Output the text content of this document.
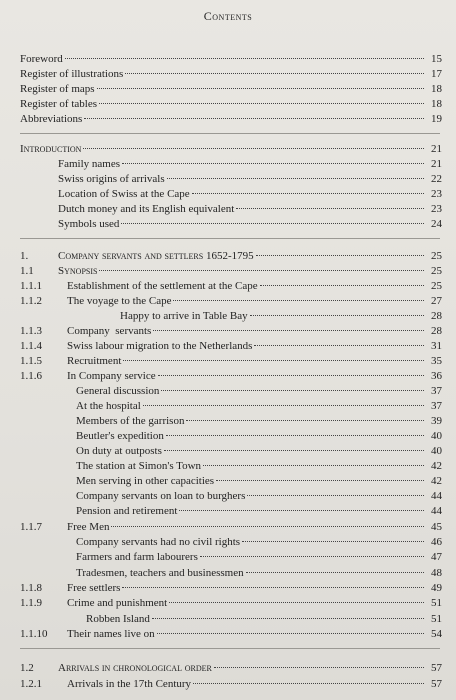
Contents
Foreword	15
Register of illustrations	17
Register of maps	18
Register of tables	18
Abbreviations	19
Introduction	21
Family names	21
Swiss origins of arrivals	22
Location of Swiss at the Cape	23
Dutch money and its English equivalent	23
Symbols used	24
1.	Company servants and settlers 1652-1795	25
1.1	Synopsis	25
1.1.1	Establishment of the settlement at the Cape	25
1.1.2	The voyage to the Cape	27
Happy to arrive in Table Bay	28
1.1.3	Company  servants	28
1.1.4	Swiss labour migration to the Netherlands	31
1.1.5	Recruitment	35
1.1.6	In Company service	36
General discussion	37
At the hospital	37
Members of the garrison	39
Beutler's expedition	40
On duty at outposts	40
The station at Simon's Town	42
Men serving in other capacities	42
Company servants on loan to burghers	44
Pension and retirement	44
1.1.7	Free Men	45
Company servants had no civil rights	46
Farmers and farm labourers	47
Tradesmen, teachers and businessmen	48
1.1.8	Free settlers	49
1.1.9	Crime and punishment	51
Robben Island	51
1.1.10	Their names live on	54
1.2	Arrivals in chronological order	57
1.2.1	Arrivals in the 17th Century	57
